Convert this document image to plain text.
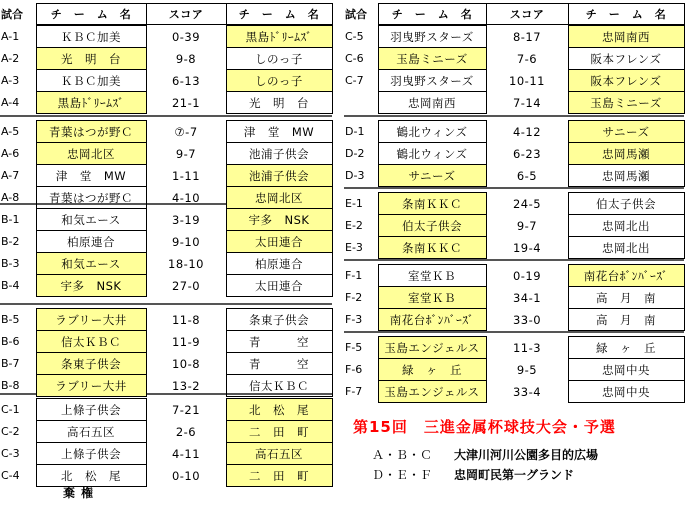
試合	チ　ー　ム　名	スコア	チ　ー　ム　名
A-1	ＫＢＣ加美	0-39	黒島ﾄﾞﾘｰﾑｽﾞ
A-2	光　明　台	9-8	しのっ子
A-3	ＫＢＣ加美	6-13	しのっ子
A-4	黒島ﾄﾞﾘｰﾑｽﾞ	21-1	光　明　台
A-5	青葉はつが野Ｃ	⑦-7	津　堂　MW
A-6	忠岡北区	9-7	池浦子供会
A-7	津　堂　MW	1-11	池浦子供会
A-8	青葉はつが野Ｃ	4-10	忠岡北区
B-1	和気エース	3-19	宇多　NSK
B-2	柏原連合	9-10	太田連合
B-3	和気エース	18-10	柏原連合
B-4	宇多　NSK	27-0	太田連合
B-5	ラブリー大井	11-8	条東子供会
B-6	信太ＫＢＣ	11-9	青　　　空
B-7	条東子供会	10-8	青　　　空
B-8	ラブリー大井	13-2	信太ＫＢＣ
C-1	上條子供会	7-21	北　松　尾
C-2	高石五区	2-6	二　田　町
C-3	上條子供会	4-11	高石五区
C-4	北　松　尾	0-10	二　田　町
試合	チ　ー　ム　名	スコア	チ　ー　ム　名
C-5	羽曳野スターズ	8-17	忠岡南西
C-6	玉島ミニーズ	7-6	阪本フレンズ
C-7	羽曳野スターズ	10-11	阪本フレンズ
	忠岡南西	7-14	玉島ミニーズ
D-1	鶴北ウィンズ	4-12	サニーズ
D-2	鶴北ウィンズ	6-23	忠岡馬瀬
D-3	サニーズ	6-5	忠岡馬瀬
E-1	条南ＫＫＣ	24-5	伯太子供会
E-2	伯太子供会	9-7	忠岡北出
E-3	条南ＫＫＣ	19-4	忠岡北出
F-1	室堂ＫＢ	0-19	南花台ﾎﾞﾝﾊﾞｰｽﾞ
F-2	室堂ＫＢ	34-1	高　月　南
F-3	南花台ﾎﾞﾝﾊﾞｰｽﾞ	33-0	高　月　南
F-5	玉島エンジェルス	11-3	緑　ヶ　丘
F-6	緑　ヶ　丘	9-5	忠岡中央
F-7	玉島エンジェルス	33-4	忠岡中央
第15回　三進金属杯球技大会・予選
Ａ・Ｂ・Ｃ 大津川河川公園多目的広場
Ｄ・Ｅ・Ｆ 忠岡町民第一グランド
棄権
